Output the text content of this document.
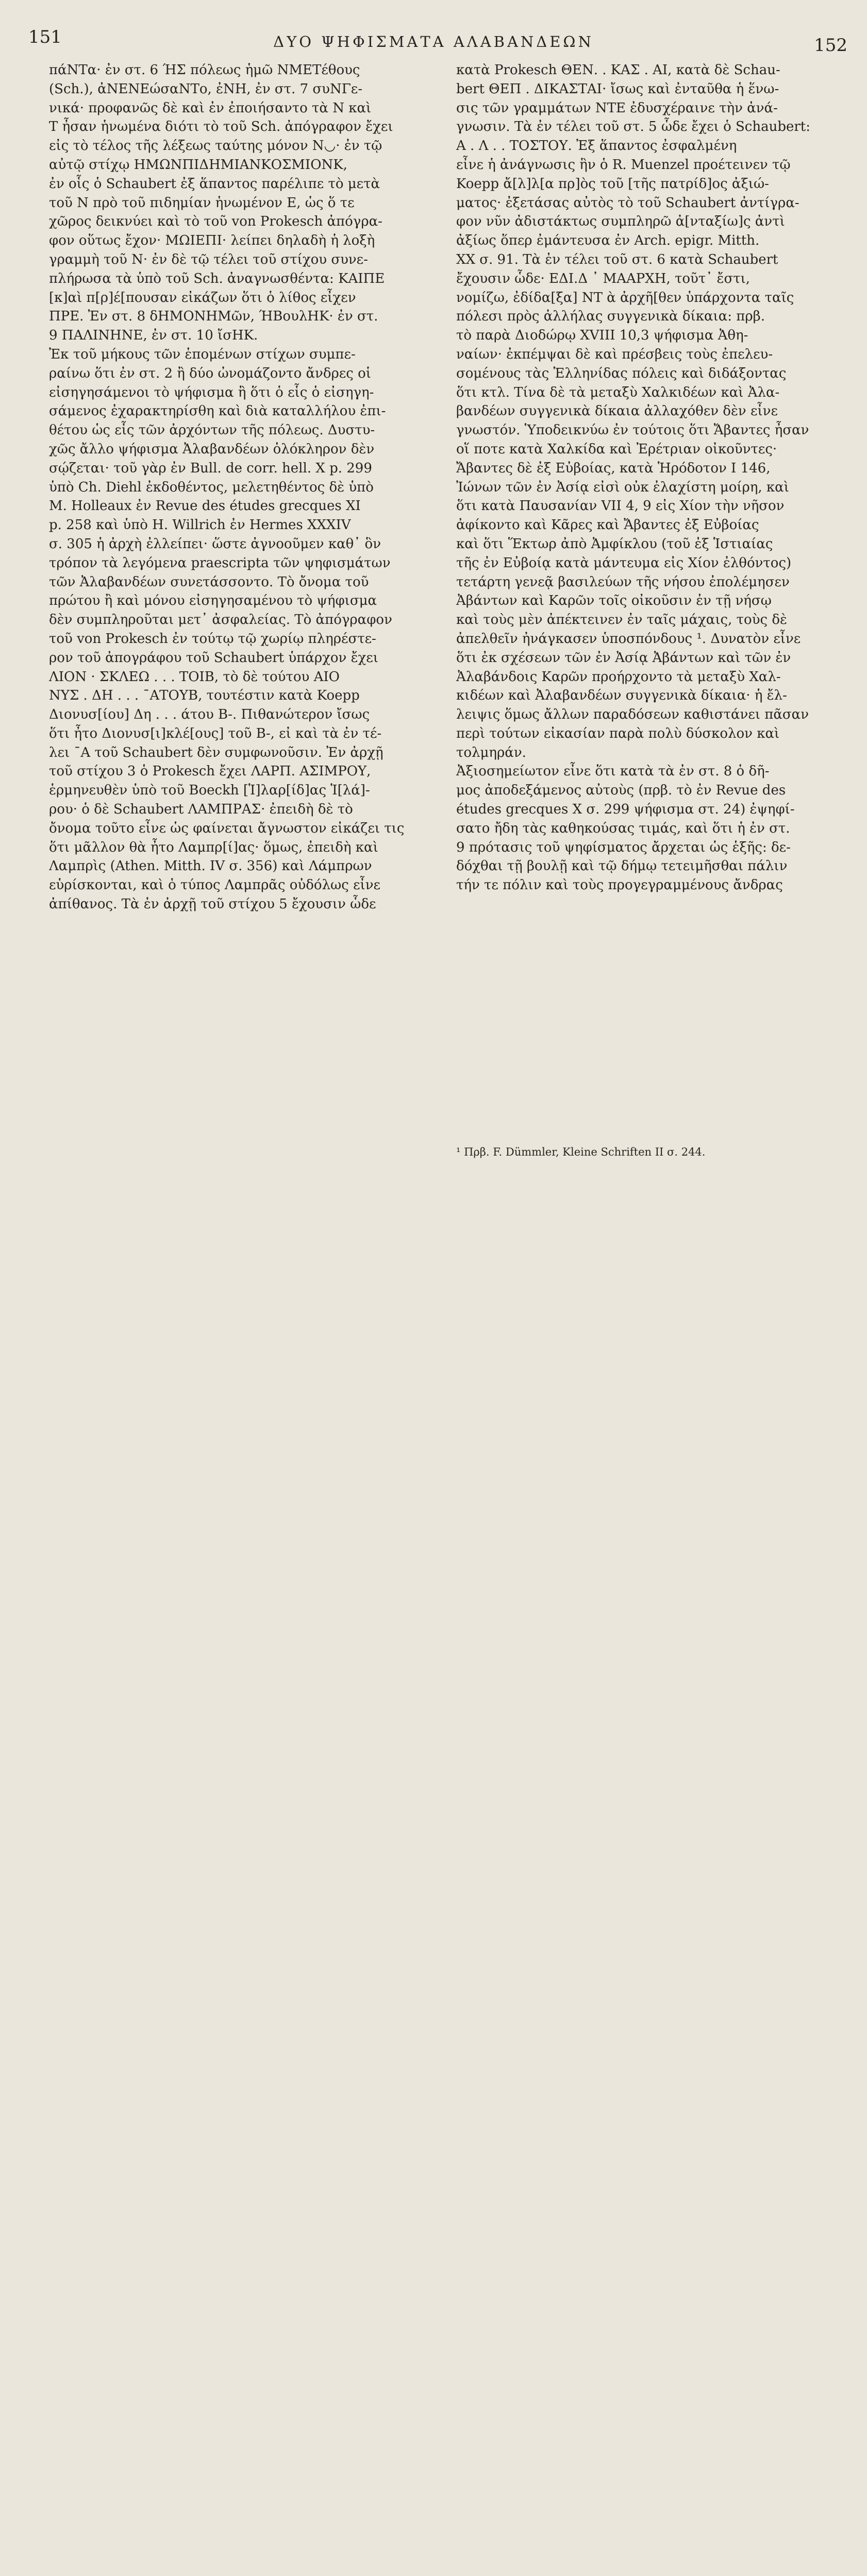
151	ΔΥΟ ΨΗΦΙΣΜΑΤΑ ΑΛΑΒΑΝΔΕΩΝ	152
πάΝΤα· ἐν στ. 6 ΉΣ πόλεως ἡμῶ ΝΜΕΤέθους
(Sch.), ἀΝΕΝΕώσαΝΤο, ἐΝΗ, ἐν στ. 7 συΝΓε-
νικά· προφανῶς δὲ καὶ ἐν ἐποιήσαντο τὰ Ν καὶ
Τ ἦσαν ἡνωμένα διότι τὸ τοῦ Sch. ἀπόγραφον ἔχει
εἰς τὸ τέλος τῆς λέξεως ταύτης μόνον Ν◡· ἐν τῷ
αὐτῷ στίχῳ ΗΜΩΝΠΙΔΗΜΙΑΝΚΟΣΜΙΟΝΚ,
ἐν οἷς ὁ Schaubert ἐξ ἅπαντος παρέλιπε τὸ μετὰ
τοῦ Ν πρὸ τοῦ πιδημίαν ἡνωμένον Ε, ὡς ὅ τε
χῶρος δεικνύει καὶ τὸ τοῦ von Prokesch ἀπόγρα-
φον οὕτως ἔχον· ΜΩΙΕΠΙ· λείπει δηλαδὴ ἡ λοξὴ
γραμμὴ τοῦ Ν· ἐν δὲ τῷ τέλει τοῦ στίχου συνε-
πλήρωσα τὰ ὑπὸ τοῦ Sch. ἀναγνωσθέντα: ΚΑΙΠΕ
[κ]αὶ π[ρ]έ[πουσαν εἰκάζων ὅτι ὁ λίθος εἶχεν
ΠΡΕ. Ἐν στ. 8 δΗΜΟΝΗΜῶν, ΉΒουλΗΚ· ἐν στ.
9 ΠΑΛΙΝΗΝΕ, ἐν στ. 10 ἴσΗΚ.
Ἐκ τοῦ μήκους τῶν ἑπομένων στίχων συμπε-
ραίνω ὅτι ἐν στ. 2 ἢ δύο ὠνομάζοντο ἄνδρες οἱ
εἰσηγησάμενοι τὸ ψήφισμα ἢ ὅτι ὁ εἷς ὁ εἰσηγη-
σάμενος ἐχαρακτηρίσθη καὶ διὰ καταλλήλου ἐπι-
θέτου ὡς εἷς τῶν ἀρχόντων τῆς πόλεως. Δυστυ-
χῶς ἄλλο ψήφισμα Ἀλαβανδέων ὁλόκληρον δὲν
σῴζεται· τοῦ γὰρ ἐν Bull. de corr. hell. X p. 299
ὑπὸ Ch. Diehl ἐκδοθέντος, μελετηθέντος δὲ ὑπὸ
M. Holleaux ἐν Revue des études grecques XI
p. 258 καὶ ὑπὸ H. Willrich ἐν Hermes XXXIV
σ. 305 ἡ ἀρχὴ ἐλλείπει· ὥστε ἀγνοοῦμεν καθ᾽ ὃν
τρόπον τὰ λεγόμενα praescripta τῶν ψηφισμάτων
τῶν Ἀλαβανδέων συνετάσσοντο. Τὸ ὄνομα τοῦ
πρώτου ἢ καὶ μόνου εἰσηγησαμένου τὸ ψήφισμα
δὲν συμπληροῦται μετ᾽ ἀσφαλείας. Τὸ ἀπόγραφον
τοῦ von Prokesch ἐν τούτῳ τῷ χωρίῳ πληρέστε-
ρον τοῦ ἀπογράφου τοῦ Schaubert ὑπάρχον ἔχει
ΛΙΟΝ · ΣΚΛΕΩ . . . ΤΟΙΒ, τὸ δὲ τούτου ΑΙΟ
ΝΥΣ . ΔΗ . . . ¯ΑΤΟΥΒ, τουτέστιν κατὰ Koepp
Διονυσ[ίου] Δη . . . άτου Β-. Πιθανώτερον ἴσως
ὅτι ἦτο Διονυσ[ι]κλέ[ους] τοῦ Β-, εἰ καὶ τὰ ἐν τέ-
λει ¯Α τοῦ Schaubert δὲν συμφωνοῦσιν. Ἐν ἀρχῇ
τοῦ στίχου 3 ὁ Prokesch ἔχει ΛΑΡΠ. ΑΣΙΜΡΟΥ,
ἑρμηνευθὲν ὑπὸ τοῦ Boeckh [Ἱ]λαρ[ίδ]ας Ἱ[λά]-
ρου· ὁ δὲ Schaubert ΛΑΜΠΡΑΣ· ἐπειδὴ δὲ τὸ
ὄνομα τοῦτο εἶνε ὡς φαίνεται ἄγνωστον εἰκάζει τις
ὅτι μᾶλλον θὰ ἦτο Λαμπρ[ί]ας· ὅμως, ἐπειδὴ καὶ
Λαμπρὶς (Athen. Mitth. IV σ. 356) καὶ Λάμπρων
εὑρίσκονται, καὶ ὁ τύπος Λαμπρᾶς οὐδόλως εἶνε
ἀπίθανος. Τὰ ἐν ἀρχῇ τοῦ στίχου 5 ἔχουσιν ὧδε
κατὰ Prokesch ΘΕΝ. . ΚΑΣ . ΑΙ, κατὰ δὲ Schau-
bert ΘΕΠ . ΔΙΚΑΣΤΑΙ· ἴσως καὶ ἐνταῦθα ἡ ἕνω-
σις τῶν γραμμάτων ΝΤΕ ἐδυσχέραινε τὴν ἀνά-
γνωσιν. Τὰ ἐν τέλει τοῦ στ. 5 ὧδε ἔχει ὁ Schaubert:
Α . Λ . . ΤΟΣΤΟΥ. Ἐξ ἅπαντος ἐσφαλμένη
εἶνε ἡ ἀνάγνωσις ἣν ὁ R. Muenzel προέτεινεν τῷ
Koepp ἄ[λ]λ[α πρ]ὸς τοῦ [τῆς πατρίδ]ος ἀξιώ-
ματος· ἐξετάσας αὐτὸς τὸ τοῦ Schaubert ἀντίγρα-
φον νῦν ἀδιστάκτως συμπληρῶ ἀ[νταξίω]ς ἀντὶ
ἀξίως ὅπερ ἐμάντευσα ἐν Arch. epigr. Mitth.
XX σ. 91. Τὰ ἐν τέλει τοῦ στ. 6 κατὰ Schaubert
ἔχουσιν ὧδε· ΕΔΙ.Δ ᾿ ΜΑΑΡΧΗ, τοῦτ᾽ ἔστι,
νομίζω, ἐδίδα[ξα] ΝΤ ὰ ἀρχῆ[θεν ὑπάρχοντα ταῖς
πόλεσι πρὸς ἀλλήλας συγγενικὰ δίκαια: πρβ.
τὸ παρὰ Διοδώρῳ XVIII 10,3 ψήφισμα Ἀθη-
ναίων· ἐκπέμψαι δὲ καὶ πρέσβεις τοὺς ἐπελευ-
σομένους τὰς Ἑλληνίδας πόλεις καὶ διδάξοντας
ὅτι κτλ. Τίνα δὲ τὰ μεταξὺ Χαλκιδέων καὶ Ἀλα-
βανδέων συγγενικὰ δίκαια ἀλλαχόθεν δὲν εἶνε
γνωστόν. Ὑποδεικνύω ἐν τούτοις ὅτι Ἄβαντες ἦσαν
οἵ ποτε κατὰ Χαλκίδα καὶ Ἐρέτριαν οἰκοῦντες·
Ἄβαντες δὲ ἐξ Εὐβοίας, κατὰ Ἡρόδοτον I 146,
Ἰώνων τῶν ἐν Ἀσίᾳ εἰσὶ οὐκ ἐλαχίστη μοίρη, καὶ
ὅτι κατὰ Παυσανίαν VII 4, 9 εἰς Χίον τὴν νῆσον
ἀφίκοντο καὶ Κᾶρες καὶ Ἄβαντες ἐξ Εὐβοίας
καὶ ὅτι Ἕκτωρ ἀπὸ Ἀμφίκλου (τοῦ ἐξ Ἱστιαίας
τῆς ἐν Εὐβοίᾳ κατὰ μάντευμα εἰς Χίον ἐλθόντος)
τετάρτη γενεᾷ βασιλεύων τῆς νήσου ἐπολέμησεν
Ἀβάντων καὶ Καρῶν τοῖς οἰκοῦσιν ἐν τῇ νήσῳ
καὶ τοὺς μὲν ἀπέκτεινεν ἐν ταῖς μάχαις, τοὺς δὲ
ἀπελθεῖν ἠνάγκασεν ὑποσπόνδους ¹. Δυνατὸν εἶνε
ὅτι ἐκ σχέσεων τῶν ἐν Ἀσίᾳ Ἀβάντων καὶ τῶν ἐν
Ἀλαβάνδοις Καρῶν προήρχοντο τὰ μεταξὺ Χαλ-
κιδέων καὶ Ἀλαβανδέων συγγενικὰ δίκαια· ἡ ἔλ-
λειψις ὅμως ἄλλων παραδόσεων καθιστάνει πᾶσαν
περὶ τούτων εἰκασίαν παρὰ πολὺ δύσκολον καὶ
τολμηράν.
Ἀξιοσημείωτον εἶνε ὅτι κατὰ τὰ ἐν στ. 8 ὁ δῆ-
μος ἀποδεξάμενος αὐτοὺς (πρβ. τὸ ἐν Revue des
études grecques X σ. 299 ψήφισμα στ. 24) ἐψηφί-
σατο ἤδη τὰς καθηκούσας τιμάς, καὶ ὅτι ἡ ἐν στ.
9 πρότασις τοῦ ψηφίσματος ἄρχεται ὡς ἑξῆς: δε-
δόχθαι τῇ βουλῇ καὶ τῷ δήμῳ τετειμῆσθαι πάλιν
τήν τε πόλιν καὶ τοὺς προγεγραμμένους ἄνδρας
¹ Πρβ. F. Dümmler, Kleine Schriften II σ. 244.
